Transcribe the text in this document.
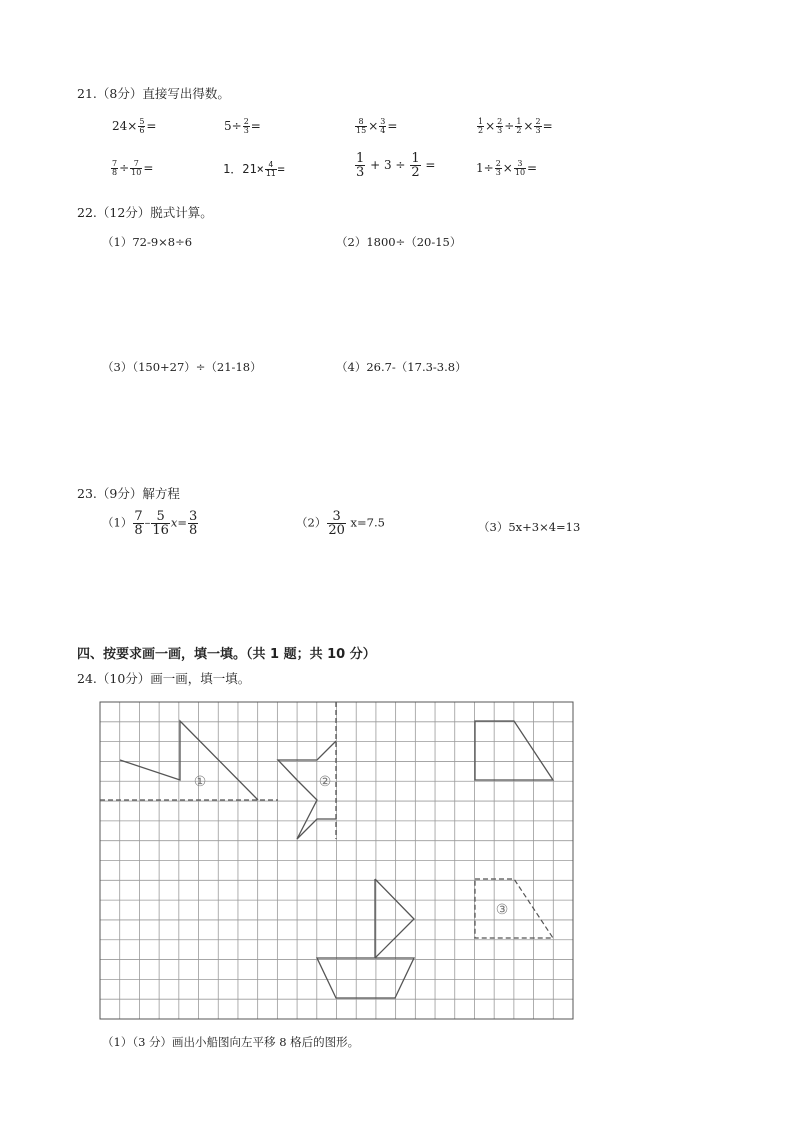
21.（8分）直接写出得数。
$24\times \frac{5}{6}$ =	$5\div \frac{2}{3}$ =	$\frac{8}{15} \times \frac{3}{4}$ =	$\frac{1}{2} \times \frac{2}{3} \div \frac{1}{2} \times \frac{2}{3}$ =
$\frac{7}{8} \div \frac{7}{10}$ =	1．$21\times \frac{4}{11}$ =	$\frac{1}{3} + 3 \div \frac{1}{2}$ =	$1\div \frac{2}{3} \times \frac{3}{10}$ =
22.（12分）脱式计算。
（1）72-9×8÷6	（2）1800÷（20-15）
（3）（150+27）÷（21-18）	（4）26.7-（17.3-3.8）
23.（9分）解方程
$(1) \frac{7}{8} - \frac{5}{16} x= \frac{3}{8}$	$(2) \frac{3}{20} x=7.5$	（3）5x+3×4=13
四、按要求画一画，填一填。（共 1 题；共 10 分）
24.（10分）画一画，填一填。
①	②
③
（1）（3 分）画出小船图向左平移 8 格后的图形。
